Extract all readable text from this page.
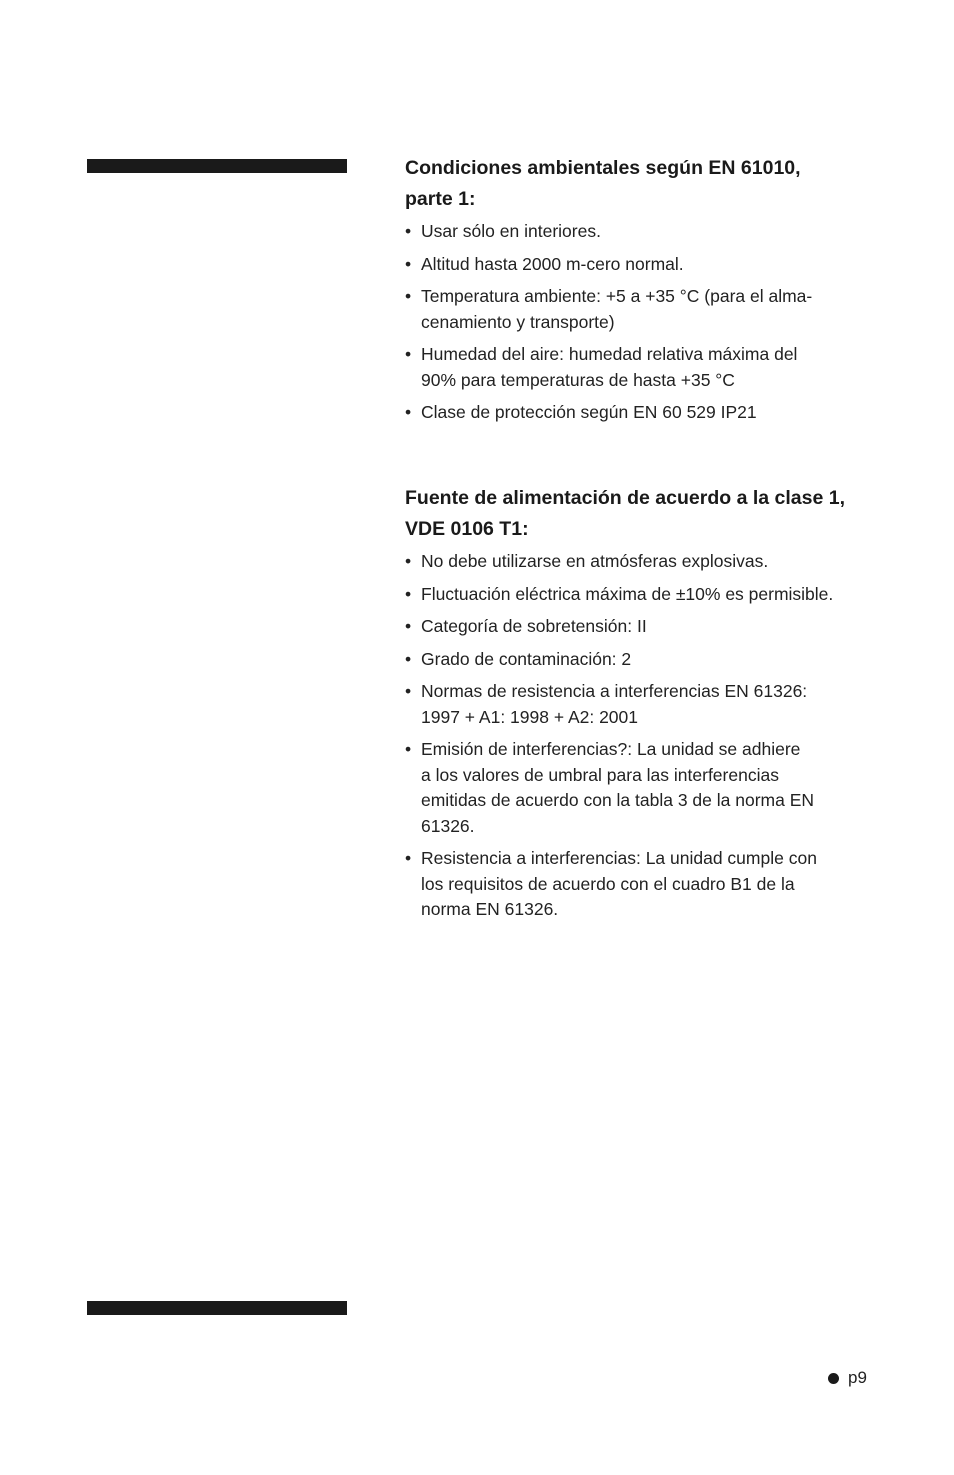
Condiciones ambientales según EN 61010,
parte 1:
• Usar sólo en interiores.
• Altitud hasta 2000 m-cero normal.
• Temperatura ambiente: +5 a +35 °C (para el alma-
cenamiento y transporte)
• Humedad del aire: humedad relativa máxima del
90% para temperaturas de hasta +35 °C
• Clase de protección según EN 60 529 IP21
Fuente de alimentación de acuerdo a la clase 1,
VDE 0106 T1:
• No debe utilizarse en atmósferas explosivas.
• Fluctuación eléctrica máxima de ±10% es permisible.
• Categoría de sobretensión: II
• Grado de contaminación: 2
• Normas de resistencia a interferencias EN 61326:
1997 + A1: 1998 + A2: 2001
• Emisión de interferencias?: La unidad se adhiere
a los valores de umbral para las interferencias
emitidas de acuerdo con la tabla 3 de la norma EN
61326.
• Resistencia a interferencias: La unidad cumple con
los requisitos de acuerdo con el cuadro B1 de la
norma EN 61326.
p9
